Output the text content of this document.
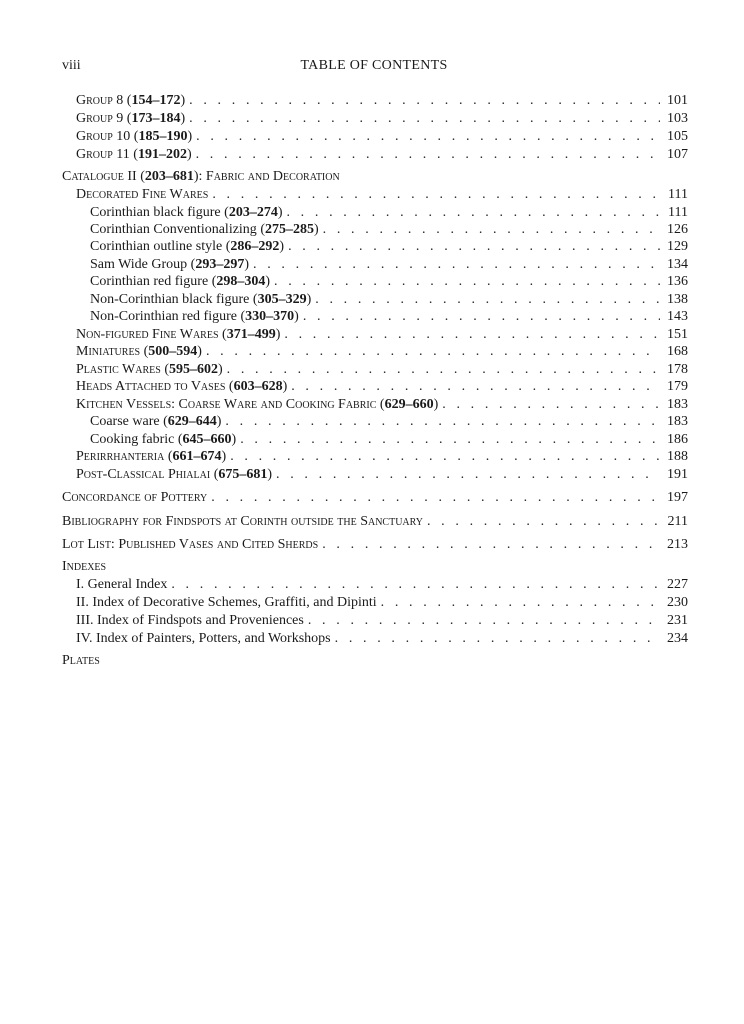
viii	TABLE OF CONTENTS
Group 8 (154–172) . . .	101
Group 9 (173–184) . . .	103
Group 10 (185–190) . . .	105
Group 11 (191–202) . . .	107
Catalogue II (203–681): Fabric and Decoration
Decorated Fine Wares . . .	111
Corinthian black figure (203–274) . . .	111
Corinthian Conventionalizing (275–285) . . .	126
Corinthian outline style (286–292) . . .	129
Sam Wide Group (293–297) . . .	134
Corinthian red figure (298–304) . . .	136
Non-Corinthian black figure (305–329) . . .	138
Non-Corinthian red figure (330–370) . . .	143
Non-figured Fine Wares (371–499) . . .	151
Miniatures (500–594) . . .	168
Plastic Wares (595–602) . . .	178
Heads Attached to Vases (603–628) . . .	179
Kitchen Vessels: Coarse Ware and Cooking Fabric (629–660) . . .	183
Coarse ware (629–644) . . .	183
Cooking fabric (645–660) . . .	186
Perirrhanteria (661–674) . . .	188
Post-Classical Phialai (675–681) . . .	191
Concordance of Pottery . . .	197
Bibliography for Findspots at Corinth outside the Sanctuary . . .	211
Lot List: Published Vases and Cited Sherds . . .	213
Indexes
I. General Index . . .	227
II. Index of Decorative Schemes, Graffiti, and Dipinti . . .	230
III. Index of Findspots and Proveniences . . .	231
IV. Index of Painters, Potters, and Workshops . . .	234
Plates
